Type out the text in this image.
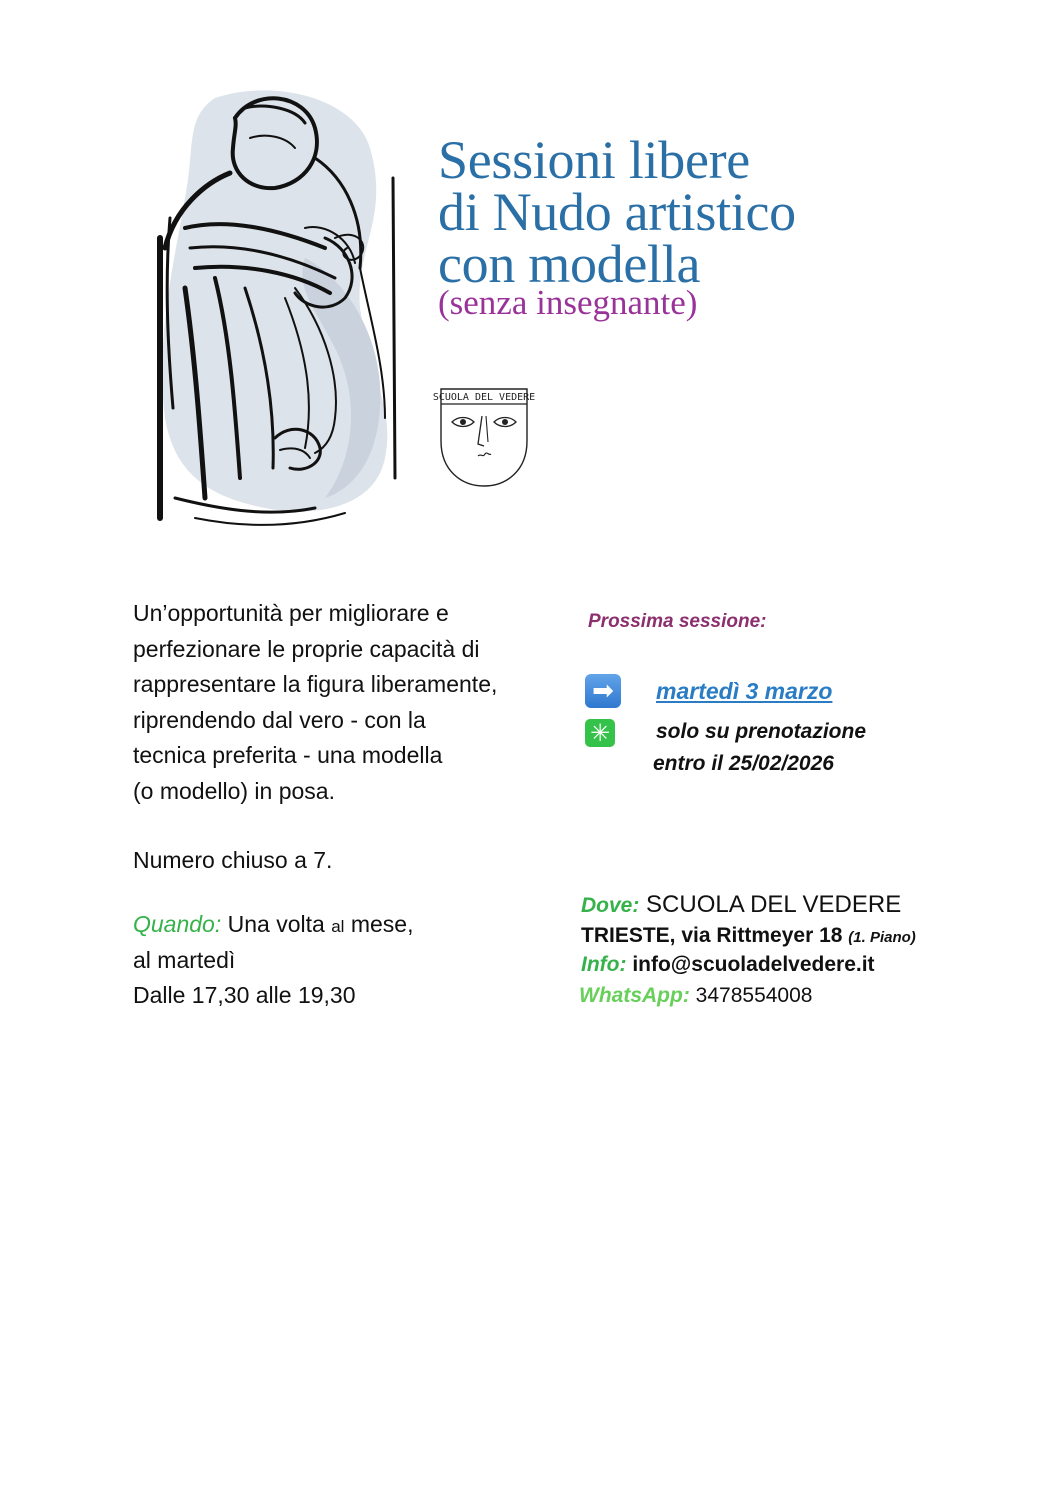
Sessioni libere
di Nudo artistico
con modella
(senza insegnante)
SCUOLA DEL VEDERE
Un’opportunità per migliorare e
perfezionare le proprie capacità di
rappresentare la figura liberamente,
riprendendo dal vero - con la
tecnica preferita - una modella
(o modello) in posa.
Numero chiuso a 7.
Quando: Una volta al mese,
al martedì
Dalle 17,30 alle 19,30
Prossima sessione:
➡	martedì 3 marzo
✳ solo su prenotazione
entro il 25/02/2026
Dove: SCUOLA DEL VEDERE
TRIESTE, via Rittmeyer 18 (1. Piano)
Info: info@scuoladelvedere.it
WhatsApp: 3478554008
